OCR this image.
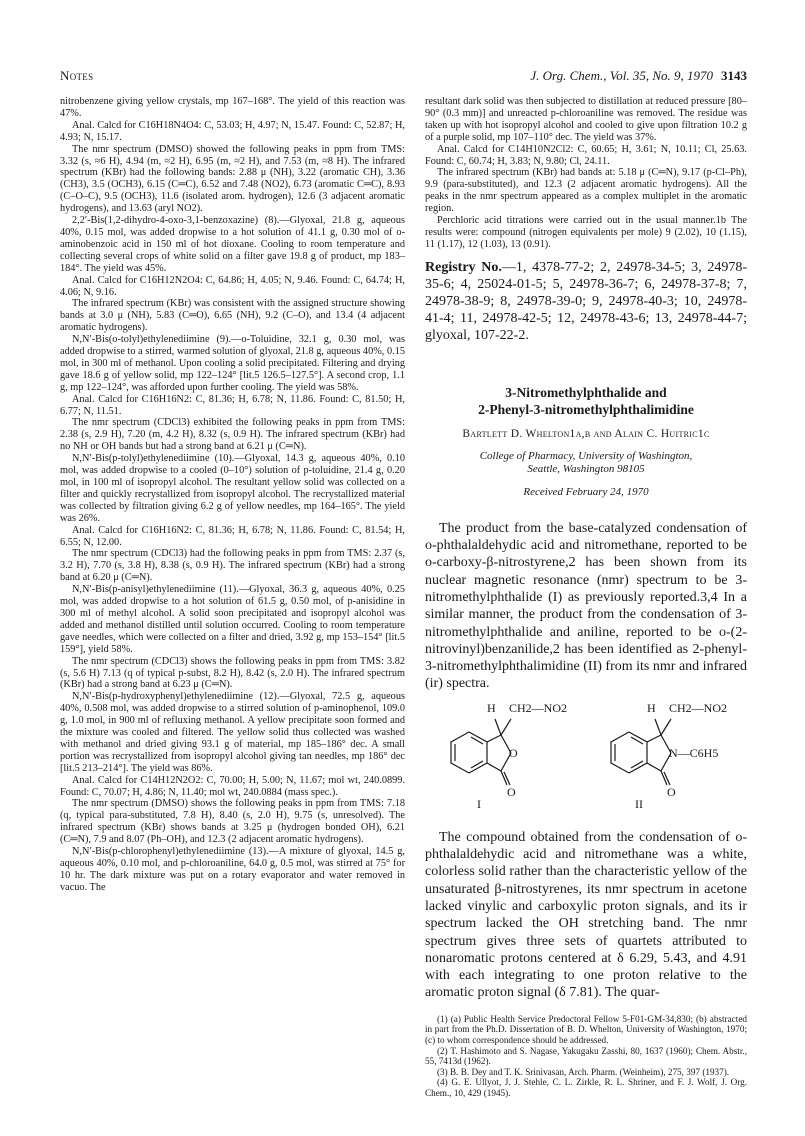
Notes	J. Org. Chem., Vol. 35, No. 9, 1970 3143

nitrobenzene giving yellow crystals, mp 167–168°. The yield of this reaction was 47%.

Anal. Calcd for C16H18N4O4: C, 53.03; H, 4.97; N, 15.47. Found: C, 52.87; H, 4.93; N, 15.17.

The nmr spectrum (DMSO) showed the following peaks in ppm from TMS: 3.32 (s, ≈6 H), 4.94 (m, ≈2 H), 6.95 (m, ≈2 H), and 7.53 (m, ≈8 H). The infrared spectrum (KBr) had the following bands: 2.88 μ (NH), 3.22 (aromatic CH), 3.36 (CH3), 3.5 (OCH3), 6.15 (C═C), 6.52 and 7.48 (NO2), 6.73 (aromatic C═C), 8.93 (C–O–C), 9.5 (OCH3), 11.6 (isolated arom. hydrogen), 12.6 (3 adjacent aromatic hydrogens), and 13.63 (aryl NO2).

2,2′-Bis(1,2-dihydro-4-oxo-3,1-benzoxazine) (8).—Glyoxal, 21.8 g, aqueous 40%, 0.15 mol, was added dropwise to a hot solution of 41.1 g, 0.30 mol of o-aminobenzoic acid in 150 ml of hot dioxane. Cooling to room temperature and collecting several crops of white solid on a filter gave 19.8 g of product, mp 183–184°. The yield was 45%.

Anal. Calcd for C16H12N2O4: C, 64.86; H, 4.05; N, 9.46. Found: C, 64.74; H, 4.06; N, 9.16.

The infrared spectrum (KBr) was consistent with the assigned structure showing bands at 3.0 μ (NH), 5.83 (C═O), 6.65 (NH), 9.2 (C–O), and 13.4 (4 adjacent aromatic hydrogens).

N,N′-Bis(o-tolyl)ethylenediimine (9).—o-Toluidine, 32.1 g, 0.30 mol, was added dropwise to a stirred, warmed solution of glyoxal, 21.8 g, aqueous 40%, 0.15 mol, in 300 ml of methanol. Upon cooling a solid precipitated. Filtering and drying gave 18.6 g of yellow solid, mp 122–124° [lit.5 126.5–127.5°]. A second crop, 1.1 g, mp 122–124°, was afforded upon further cooling. The yield was 58%.

Anal. Calcd for C16H16N2: C, 81.36; H, 6.78; N, 11.86. Found: C, 81.50; H, 6.77; N, 11.51.

The nmr spectrum (CDCl3) exhibited the following peaks in ppm from TMS: 2.38 (s, 2.9 H), 7.20 (m, 4.2 H), 8.32 (s, 0.9 H). The infrared spectrum (KBr) had no NH or OH bands but had a strong band at 6.21 μ (C═N).

N,N′-Bis(p-tolyl)ethylenediimine (10).—Glyoxal, 14.3 g, aqueous 40%, 0.10 mol, was added dropwise to a cooled (0–10°) solution of p-toluidine, 21.4 g, 0.20 mol, in 100 ml of isopropyl alcohol. The resultant yellow solid was collected on a filter and quickly recrystallized from isopropyl alcohol. The recrystallized material was collected by filtration giving 6.2 g of yellow needles, mp 164–165°. The yield was 26%.

Anal. Calcd for C16H16N2: C, 81.36; H, 6.78; N, 11.86. Found: C, 81.54; H, 6.55; N, 12.00.

The nmr spectrum (CDCl3) had the following peaks in ppm from TMS: 2.37 (s, 3.2 H), 7.70 (s, 3.8 H), 8.38 (s, 0.9 H). The infrared spectrum (KBr) had a strong band at 6.20 μ (C═N).

N,N′-Bis(p-anisyl)ethylenediimine (11).—Glyoxal, 36.3 g, aqueous 40%, 0.25 mol, was added dropwise to a hot solution of 61.5 g, 0.50 mol, of p-anisidine in 300 ml of methyl alcohol. A solid soon precipitated and isopropyl alcohol was added and methanol distilled until solution occurred. Cooling to room temperature gave needles, which were collected on a filter and dried, 3.92 g, mp 153–154° [lit.5 159°], yield 58%.

The nmr spectrum (CDCl3) shows the following peaks in ppm from TMS: 3.82 (s, 5.6 H) 7.13 (q of typical p-subst, 8.2 H), 8.42 (s, 2.0 H). The infrared spectrum (KBr) had a strong band at 6.23 μ (C═N).

N,N′-Bis(p-hydroxyphenyl)ethylenediimine (12).—Glyoxal, 72.5 g, aqueous 40%, 0.508 mol, was added dropwise to a stirred solution of p-aminophenol, 109.0 g, 1.0 mol, in 900 ml of refluxing methanol. A yellow precipitate soon formed and the mixture was cooled and filtered. The yellow solid thus collected was washed with methanol and dried giving 93.1 g of material, mp 185–186° dec. A small portion was recrystallized from isopropyl alcohol giving tan needles, mp 186° dec [lit.5 213–214°]. The yield was 86%.

Anal. Calcd for C14H12N2O2: C, 70.00; H, 5.00; N, 11.67; mol wt, 240.0899. Found: C, 70.07; H, 4.86; N, 11.40; mol wt, 240.0884 (mass spec.).

The nmr spectrum (DMSO) shows the following peaks in ppm from TMS: 7.18 (q, typical para-substituted, 7.8 H), 8.40 (s, 2.0 H), 9.75 (s, unresolved). The infrared spectrum (KBr) shows bands at 3.25 μ (hydrogen bonded OH), 6.21 (C═N), 7.9 and 8.07 (Ph–OH), and 12.3 (2 adjacent aromatic hydrogens).

N,N′-Bis(p-chlorophenyl)ethylenediimine (13).—A mixture of glyoxal, 14.5 g, aqueous 40%, 0.10 mol, and p-chloroaniline, 64.0 g, 0.5 mol, was stirred at 75° for 10 hr. The dark mixture was put on a rotary evaporator and water removed in vacuo. The

resultant dark solid was then subjected to distillation at reduced pressure [80–90° (0.3 mm)] and unreacted p-chloroaniline was removed. The residue was taken up with hot isopropyl alcohol and cooled to give upon filtration 10.2 g of a purple solid, mp 107–110° dec. The yield was 37%.

Anal. Calcd for C14H10N2Cl2: C, 60.65; H, 3.61; N, 10.11; Cl, 25.63. Found: C, 60.74; H, 3.83; N, 9.80; Cl, 24.11.

The infrared spectrum (KBr) had bands at: 5.18 μ (C═N), 9.17 (p-Cl–Ph), 9.9 (para-substituted), and 12.3 (2 adjacent aromatic hydrogens). All the peaks in the nmr spectrum appeared as a complex multiplet in the aromatic region.

Perchloric acid titrations were carried out in the usual manner.1b The results were: compound (nitrogen equivalents per mole) 9 (2.02), 10 (1.15), 11 (1.17), 12 (1.03), 13 (0.91).

Registry No.—1, 4378-77-2; 2, 24978-34-5; 3, 24978-35-6; 4, 25024-01-5; 5, 24978-36-7; 6, 24978-37-8; 7, 24978-38-9; 8, 24978-39-0; 9, 24978-40-3; 10, 24978-41-4; 11, 24978-42-5; 12, 24978-43-6; 13, 24978-44-7; glyoxal, 107-22-2.

3-Nitromethylphthalide and
2-Phenyl-3-nitromethylphthalimidine
Bartlett D. Whelton1a,b and Alain C. Huitric1c
College of Pharmacy, University of Washington,
Seattle, Washington 98105
Received February 24, 1970

The product from the base-catalyzed condensation of o-phthalaldehydic acid and nitromethane, reported to be o-carboxy-β-nitrostyrene,2 has been shown from its nuclear magnetic resonance (nmr) spectrum to be 3-nitromethylphthalide (I) as previously reported.3,4 In a similar manner, the product from the condensation of 3-nitromethylphthalide and aniline, reported to be o-(2-nitrovinyl)benzanilide,2 has been identified as 2-phenyl-3-nitromethylphthalimidine (II) from its nmr and infrared (ir) spectra.

H CH2—NO2
O
O
I
H CH2—NO2
N—C6H5
O
II

The compound obtained from the condensation of o-phthalaldehydic acid and nitromethane was a white, colorless solid rather than the characteristic yellow of the unsaturated β-nitrostyrenes, its nmr spectrum in acetone lacked vinylic and carboxylic proton signals, and its ir spectrum lacked the OH stretching band. The nmr spectrum gives three sets of quartets attributed to nonaromatic protons centered at δ 6.29, 5.43, and 4.91 with each integrating to one proton relative to the aromatic proton signal (δ 7.81). The quar-

(1) (a) Public Health Service Predoctoral Fellow 5-F01-GM-34,830; (b) abstracted in part from the Ph.D. Dissertation of B. D. Whelton, University of Washington, 1970; (c) to whom correspondence should be addressed.

(2) T. Hashimoto and S. Nagase, Yakugaku Zasshi, 80, 1637 (1960); Chem. Abstr., 55, 7413d (1962).

(3) B. B. Dey and T. K. Srinivasan, Arch. Pharm. (Weinheim), 275, 397 (1937).

(4) G. E. Ullyot, J. J. Stehle, C. L. Zirkle, R. L. Shriner, and F. J. Wolf, J. Org. Chem., 10, 429 (1945).
